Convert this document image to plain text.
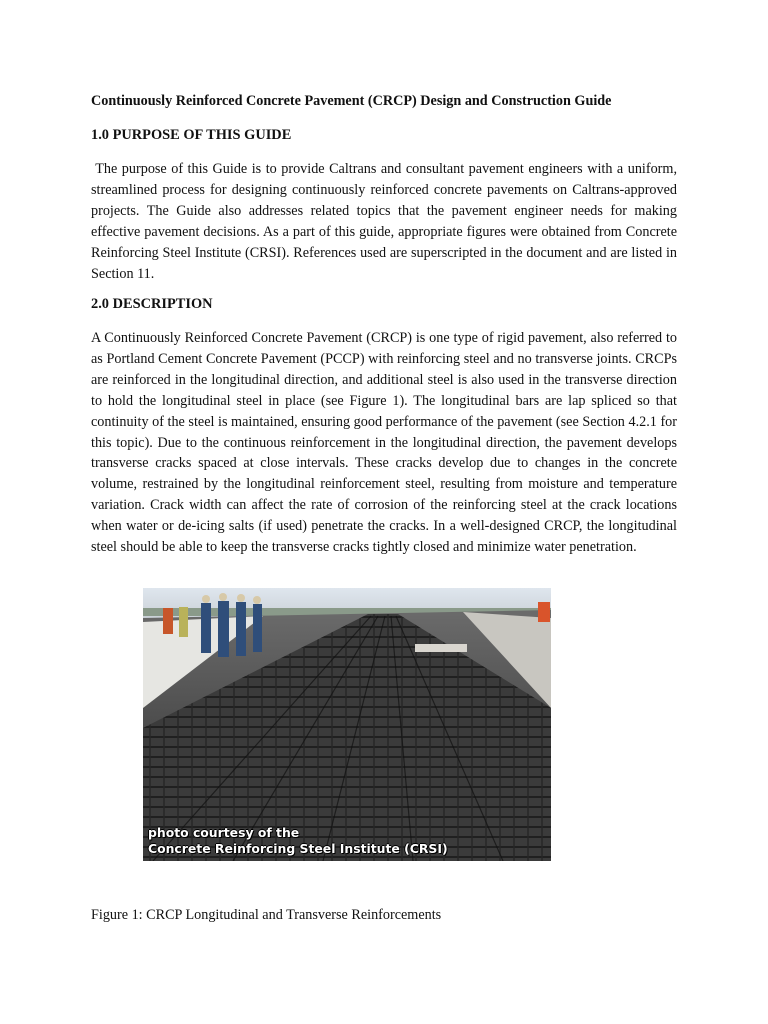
Continuously Reinforced Concrete Pavement (CRCP) Design and Construction Guide
1.0 PURPOSE OF THIS GUIDE

The purpose of this Guide is to provide Caltrans and consultant pavement engineers with a uniform, streamlined process for designing continuously reinforced concrete pavements on Caltrans-approved projects. The Guide also addresses related topics that the pavement engineer needs for making effective pavement decisions. As a part of this guide, appropriate figures were obtained from Concrete Reinforcing Steel Institute (CRSI). References used are superscripted in the document and are listed in Section 11.

2.0 DESCRIPTION

A Continuously Reinforced Concrete Pavement (CRCP) is one type of rigid pavement, also referred to as Portland Cement Concrete Pavement (PCCP) with reinforcing steel and no transverse joints. CRCPs are reinforced in the longitudinal direction, and additional steel is also used in the transverse direction to hold the longitudinal steel in place (see Figure 1). The longitudinal bars are lap spliced so that continuity of the steel is maintained, ensuring good performance of the pavement (see Section 4.2.1 for this topic). Due to the continuous reinforcement in the longitudinal direction, the pavement develops transverse cracks spaced at close intervals. These cracks develop due to changes in the concrete volume, restrained by the longitudinal reinforcement steel, resulting from moisture and temperature variation. Crack width can affect the rate of corrosion of the reinforcing steel at the crack locations when water or de-icing salts (if used) penetrate the cracks. In a well-designed CRCP, the longitudinal steel should be able to keep the transverse cracks tightly closed and minimize water penetration.

photo courtesy of the
Concrete Reinforcing Steel Institute (CRSI)

Figure 1: CRCP Longitudinal and Transverse Reinforcements
